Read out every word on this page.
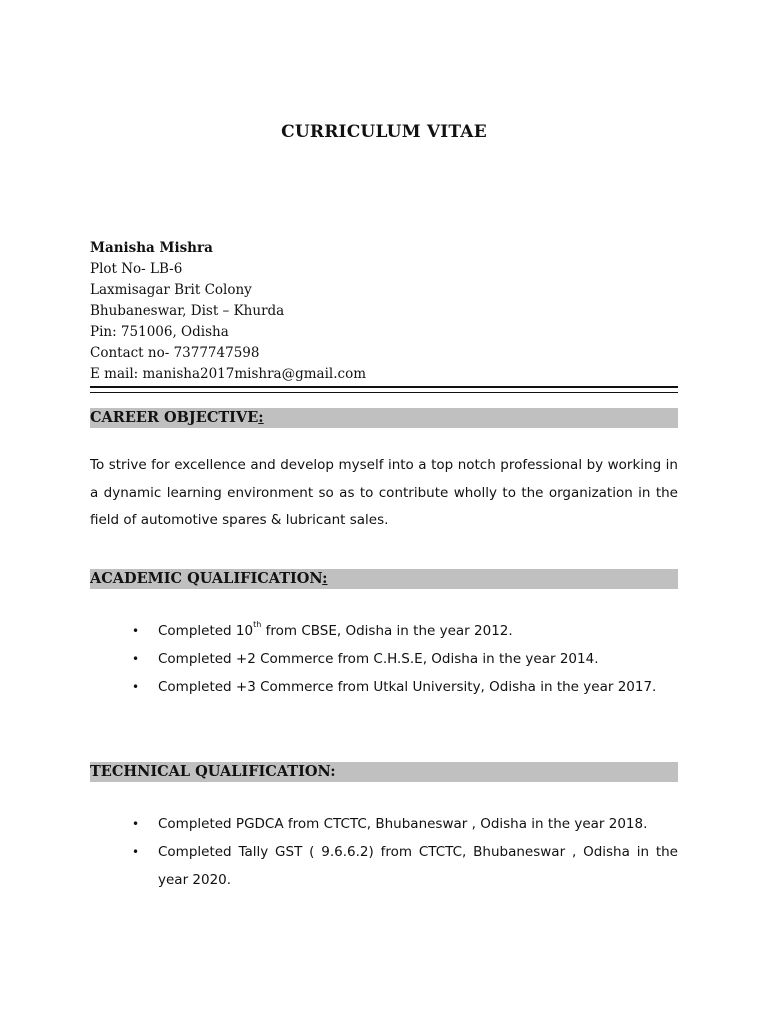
CURRICULUM VITAE
Manisha Mishra
Plot No- LB-6
Laxmisagar Brit Colony
Bhubaneswar, Dist – Khurda
Pin: 751006, Odisha
Contact no- 7377747598
E mail: manisha2017mishra@gmail.com
CAREER OBJECTIVE:
To strive for excellence and develop myself into a top notch professional by working in a dynamic learning environment so as to contribute wholly to the organization in the field of automotive spares & lubricant sales.
ACADEMIC QUALIFICATION:
• Completed 10th from CBSE, Odisha in the year 2012.
• Completed +2 Commerce from C.H.S.E, Odisha in the year 2014.
• Completed +3 Commerce from Utkal University, Odisha in the year 2017.
TECHNICAL QUALIFICATION:
• Completed PGDCA from CTCTC, Bhubaneswar , Odisha in the year 2018.
• Completed Tally GST ( 9.6.6.2) from CTCTC, Bhubaneswar , Odisha in the year 2020.
